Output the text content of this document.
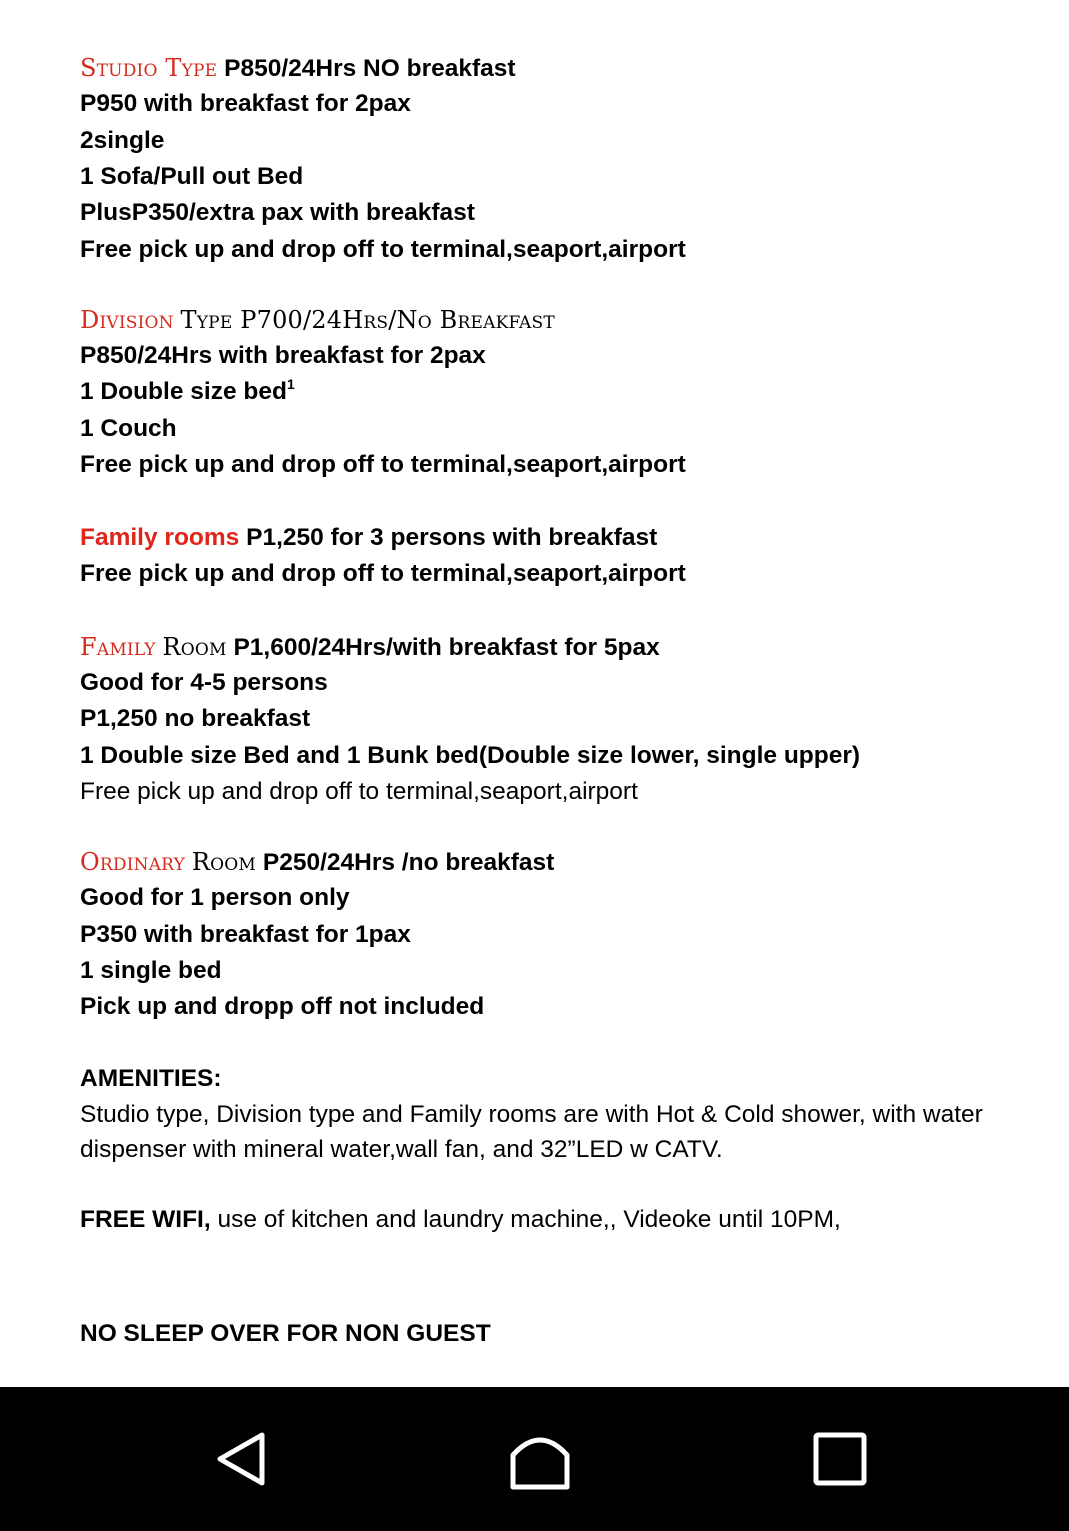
Studio Type P850/24Hrs NO breakfast
P950 with breakfast for 2pax
2single
1 Sofa/Pull out Bed
PlusP350/extra pax with breakfast
Free pick up and drop off to terminal,seaport,airport
Division Type P700/24Hrs/No Breakfast
P850/24Hrs with breakfast for 2pax
1 Double size bed$^1$
1 Couch
Free pick up and drop off to terminal,seaport,airport
Family rooms P1,250 for 3 persons with breakfast
Free pick up and drop off to terminal,seaport,airport
Family Room P1,600/24Hrs/with breakfast for 5pax
Good for 4-5 persons
P1,250 no breakfast
1 Double size Bed and 1 Bunk bed(Double size lower, single upper)
Free pick up and drop off to terminal,seaport,airport
Ordinary Room P250/24Hrs /no breakfast
Good for 1 person only
P350 with breakfast for 1pax
1 single bed
Pick up and dropp off not included
AMENITIES:

Studio type, Division type and Family rooms are with Hot & Cold shower, with water dispenser with mineral water,wall fan, and 32”LED w CATV.

FREE WIFI, use of kitchen and laundry machine,, Videoke until 10PM,
NO SLEEP OVER FOR NON GUEST
